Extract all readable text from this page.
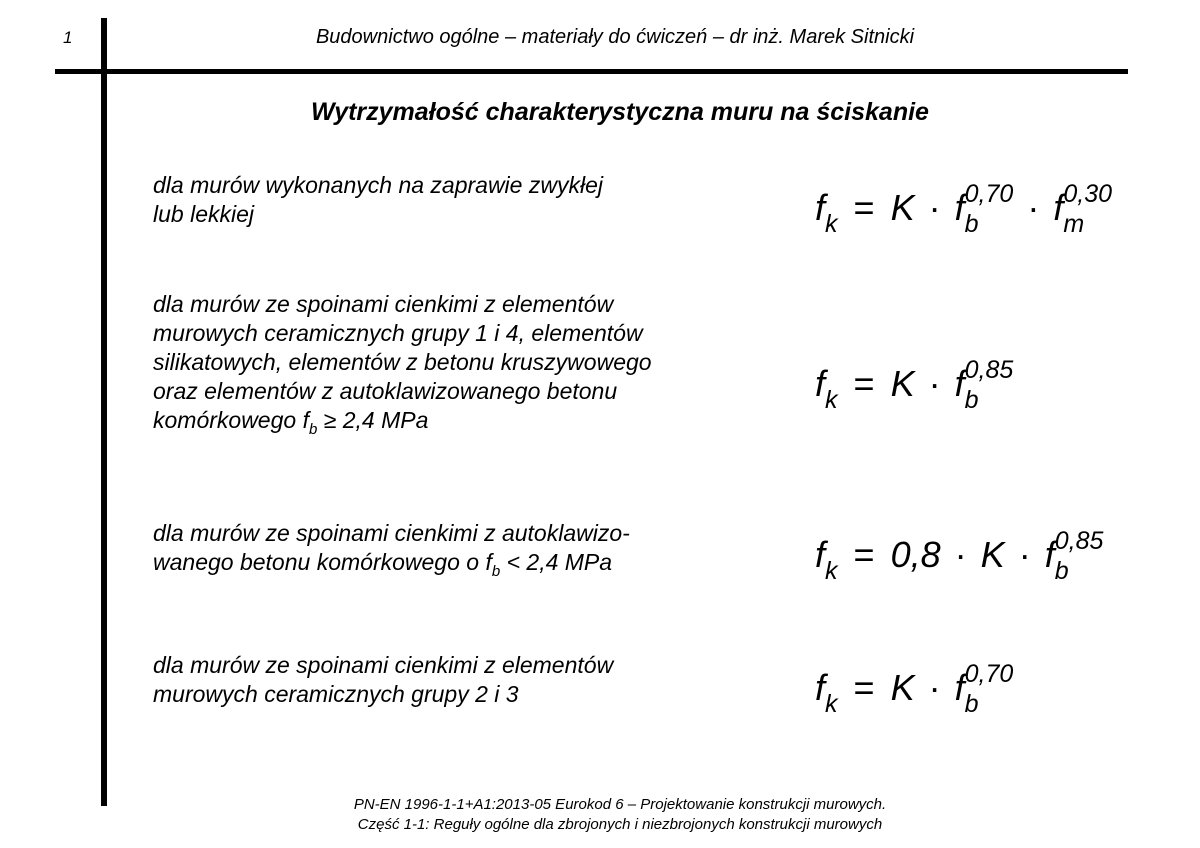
1	Budownictwo ogólne – materiały do ćwiczeń – dr inż. Marek Sitnicki
Wytrzymałość charakterystyczna muru na ściskanie
dla murów wykonanych na zaprawie zwykłej
lub lekkiej	$f_k = K \cdot f$ 0,70
b · f 0,30
m
dla murów ze spoinami cienkimi z elementów
murowych ceramicznych grupy 1 i 4, elementów
silikatowych, elementów z betonu kruszywowego
oraz elementów z autoklawizowanego betonu
komórkowego $f_b \ge 2,4$ MPa
$f_k = K \cdot f$ 0,85
b
dla murów ze spoinami cienkimi z autoklawizo-
wanego betonu komórkowego o $f_b < 2,4$ MPa	$f_k = 0,8 \cdot K \cdot f$ 0,85
b
dla murów ze spoinami cienkimi z elementów
murowych ceramicznych grupy 2 i 3	$f_k = K \cdot f$ 0,70
b
PN-EN 1996-1-1+A1:2013-05 Eurokod 6 – Projektowanie konstrukcji murowych.
Część 1-1: Reguły ogólne dla zbrojonych i niezbrojonych konstrukcji murowych
